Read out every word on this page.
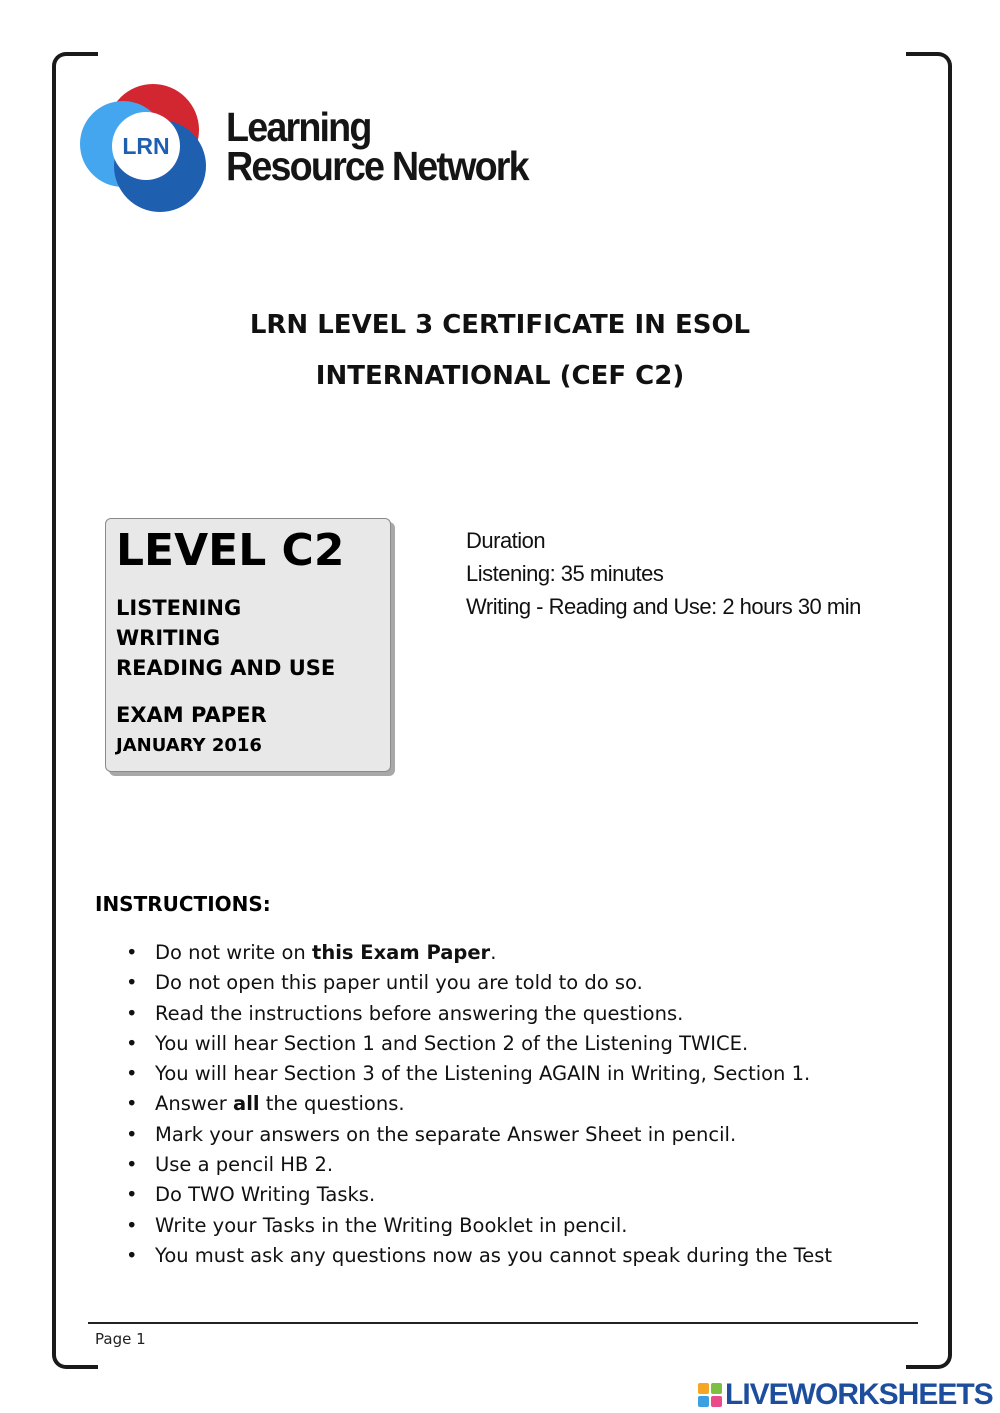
LRN Learning
Resource Network
LRN LEVEL 3 CERTIFICATE IN ESOL
INTERNATIONAL (CEF C2)
LEVEL C2
LISTENING
WRITING
READING AND USE
EXAM PAPER
JANUARY 2016
Duration
Listening: 35 minutes
Writing - Reading and Use: 2 hours 30 min
INSTRUCTIONS:
• Do not write on this Exam Paper.
• Do not open this paper until you are told to do so.
• Read the instructions before answering the questions.
• You will hear Section 1 and Section 2 of the Listening TWICE.
• You will hear Section 3 of the Listening AGAIN in Writing, Section 1.
• Answer all the questions.
• Mark your answers on the separate Answer Sheet in pencil.
• Use a pencil HB 2.
• Do TWO Writing Tasks.
• Write your Tasks in the Writing Booklet in pencil.
• You must ask any questions now as you cannot speak during the Test
Page 1
LIVEWORKSHEETS
